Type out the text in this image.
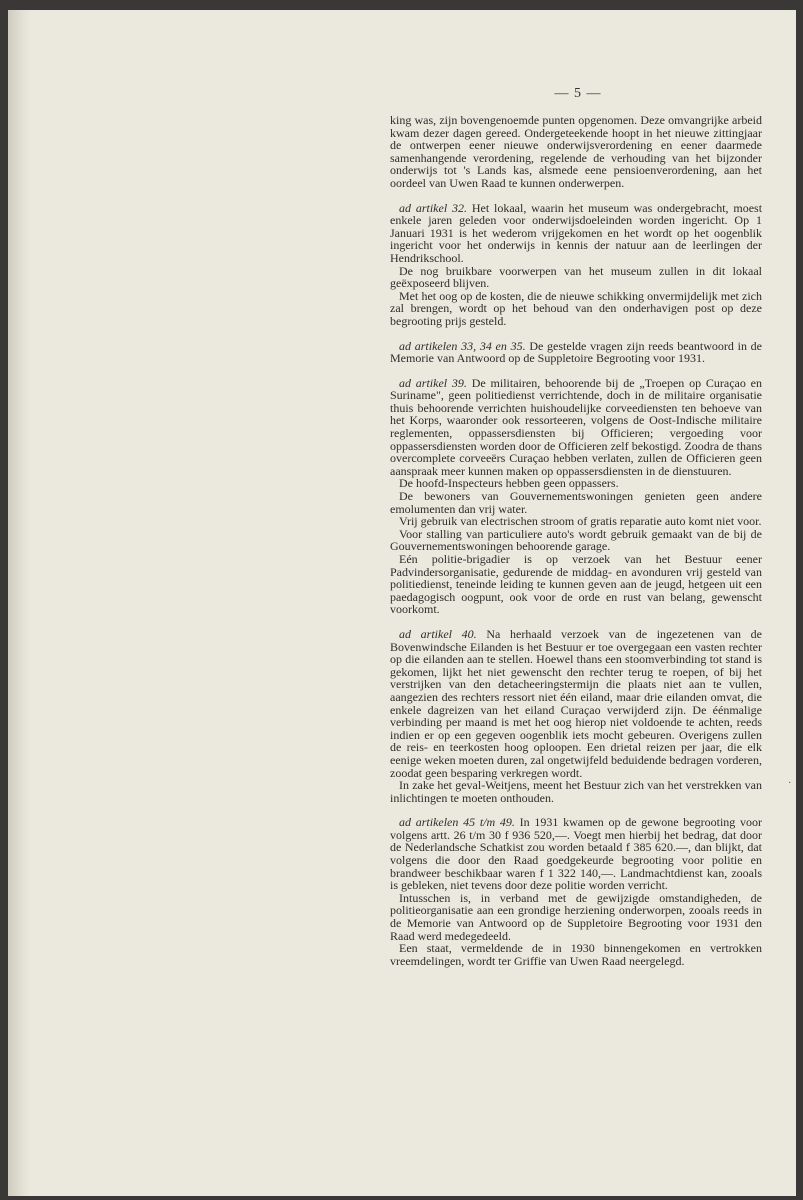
— 5 —

king was, zijn bovengenoemde punten opgenomen. Deze omvangrijke arbeid kwam dezer dagen gereed. Ondergeteekende hoopt in het nieuwe zittingjaar de ontwerpen eener nieuwe onderwijsverordening en eener daarmede samenhangende verordening, regelende de verhouding van het bijzonder onderwijs tot 's Lands kas, alsmede eene pensioenverordening, aan het oordeel van Uwen Raad te kunnen onderwerpen.

ad artikel 32. Het lokaal, waarin het museum was ondergebracht, moest enkele jaren geleden voor onderwijsdoeleinden worden ingericht. Op 1 Januari 1931 is het wederom vrijgekomen en het wordt op het oogenblik ingericht voor het onderwijs in kennis der natuur aan de leerlingen der Hendrikschool.

De nog bruikbare voorwerpen van het museum zullen in dit lokaal geëxposeerd blijven.

Met het oog op de kosten, die de nieuwe schikking onvermijdelijk met zich zal brengen, wordt op het behoud van den onderhavigen post op deze begrooting prijs gesteld.

ad artikelen 33, 34 en 35. De gestelde vragen zijn reeds beantwoord in de Memorie van Antwoord op de Suppletoire Begrooting voor 1931.

ad artikel 39. De militairen, behoorende bij de „Troepen op Curaçao en Suriname", geen politiedienst verrichtende, doch in de militaire organisatie thuis behoorende verrichten huishoudelijke corveediensten ten behoeve van het Korps, waaronder ook ressorteeren, volgens de Oost-Indische militaire reglementen, oppassersdiensten bij Officieren; vergoeding voor oppassersdiensten worden door de Officieren zelf bekostigd. Zoodra de thans overcomplete corveeërs Curaçao hebben verlaten, zullen de Officieren geen aanspraak meer kunnen maken op oppassersdiensten in de dienstuuren.

De hoofd-Inspecteurs hebben geen oppassers.

De bewoners van Gouvernementswoningen genieten geen andere emolumenten dan vrij water.

Vrij gebruik van electrischen stroom of gratis reparatie auto komt niet voor.

Voor stalling van particuliere auto's wordt gebruik gemaakt van de bij de Gouvernementswoningen behoorende garage.

Eén politie-brigadier is op verzoek van het Bestuur eener Padvindersorganisatie, gedurende de middag- en avonduren vrij gesteld van politiedienst, teneinde leiding te kunnen geven aan de jeugd, hetgeen uit een paedagogisch oogpunt, ook voor de orde en rust van belang, gewenscht voorkomt.

ad artikel 40. Na herhaald verzoek van de ingezetenen van de Bovenwindsche Eilanden is het Bestuur er toe overgegaan een vasten rechter op die eilanden aan te stellen. Hoewel thans een stoomverbinding tot stand is gekomen, lijkt het niet gewenscht den rechter terug te roepen, of bij het verstrijken van den detacheeringstermijn die plaats niet aan te vullen, aangezien des rechters ressort niet één eiland, maar drie eilanden omvat, die enkele dagreizen van het eiland Curaçao verwijderd zijn. De éénmalige verbinding per maand is met het oog hierop niet voldoende te achten, reeds indien er op een gegeven oogenblik iets mocht gebeuren. Overigens zullen de reis- en teerkosten hoog oploopen. Een drietal reizen per jaar, die elk eenige weken moeten duren, zal ongetwijfeld beduidende bedragen vorderen, zoodat geen besparing verkregen wordt.

In zake het geval-Weitjens, meent het Bestuur zich van het verstrekken van inlichtingen te moeten onthouden.

ad artikelen 45 t/m 49. In 1931 kwamen op de gewone begrooting voor volgens artt. 26 t/m 30 f 936 520,—. Voegt men hierbij het bedrag, dat door de Nederlandsche Schatkist zou worden betaald f 385 620.—, dan blijkt, dat volgens die door den Raad goedgekeurde begrooting voor politie en brandweer beschikbaar waren f 1 322 140,—. Landmachtdienst kan, zooals is gebleken, niet tevens door deze politie worden verricht.

Intusschen is, in verband met de gewijzigde omstandigheden, de politieorganisatie aan een grondige herziening onderworpen, zooals reeds in de Memorie van Antwoord op de Suppletoire Begrooting voor 1931 den Raad werd medegedeeld.

Een staat, vermeldende de in 1930 binnengekomen en vertrokken vreemdelingen, wordt ter Griffie van Uwen Raad neergelegd.

·
